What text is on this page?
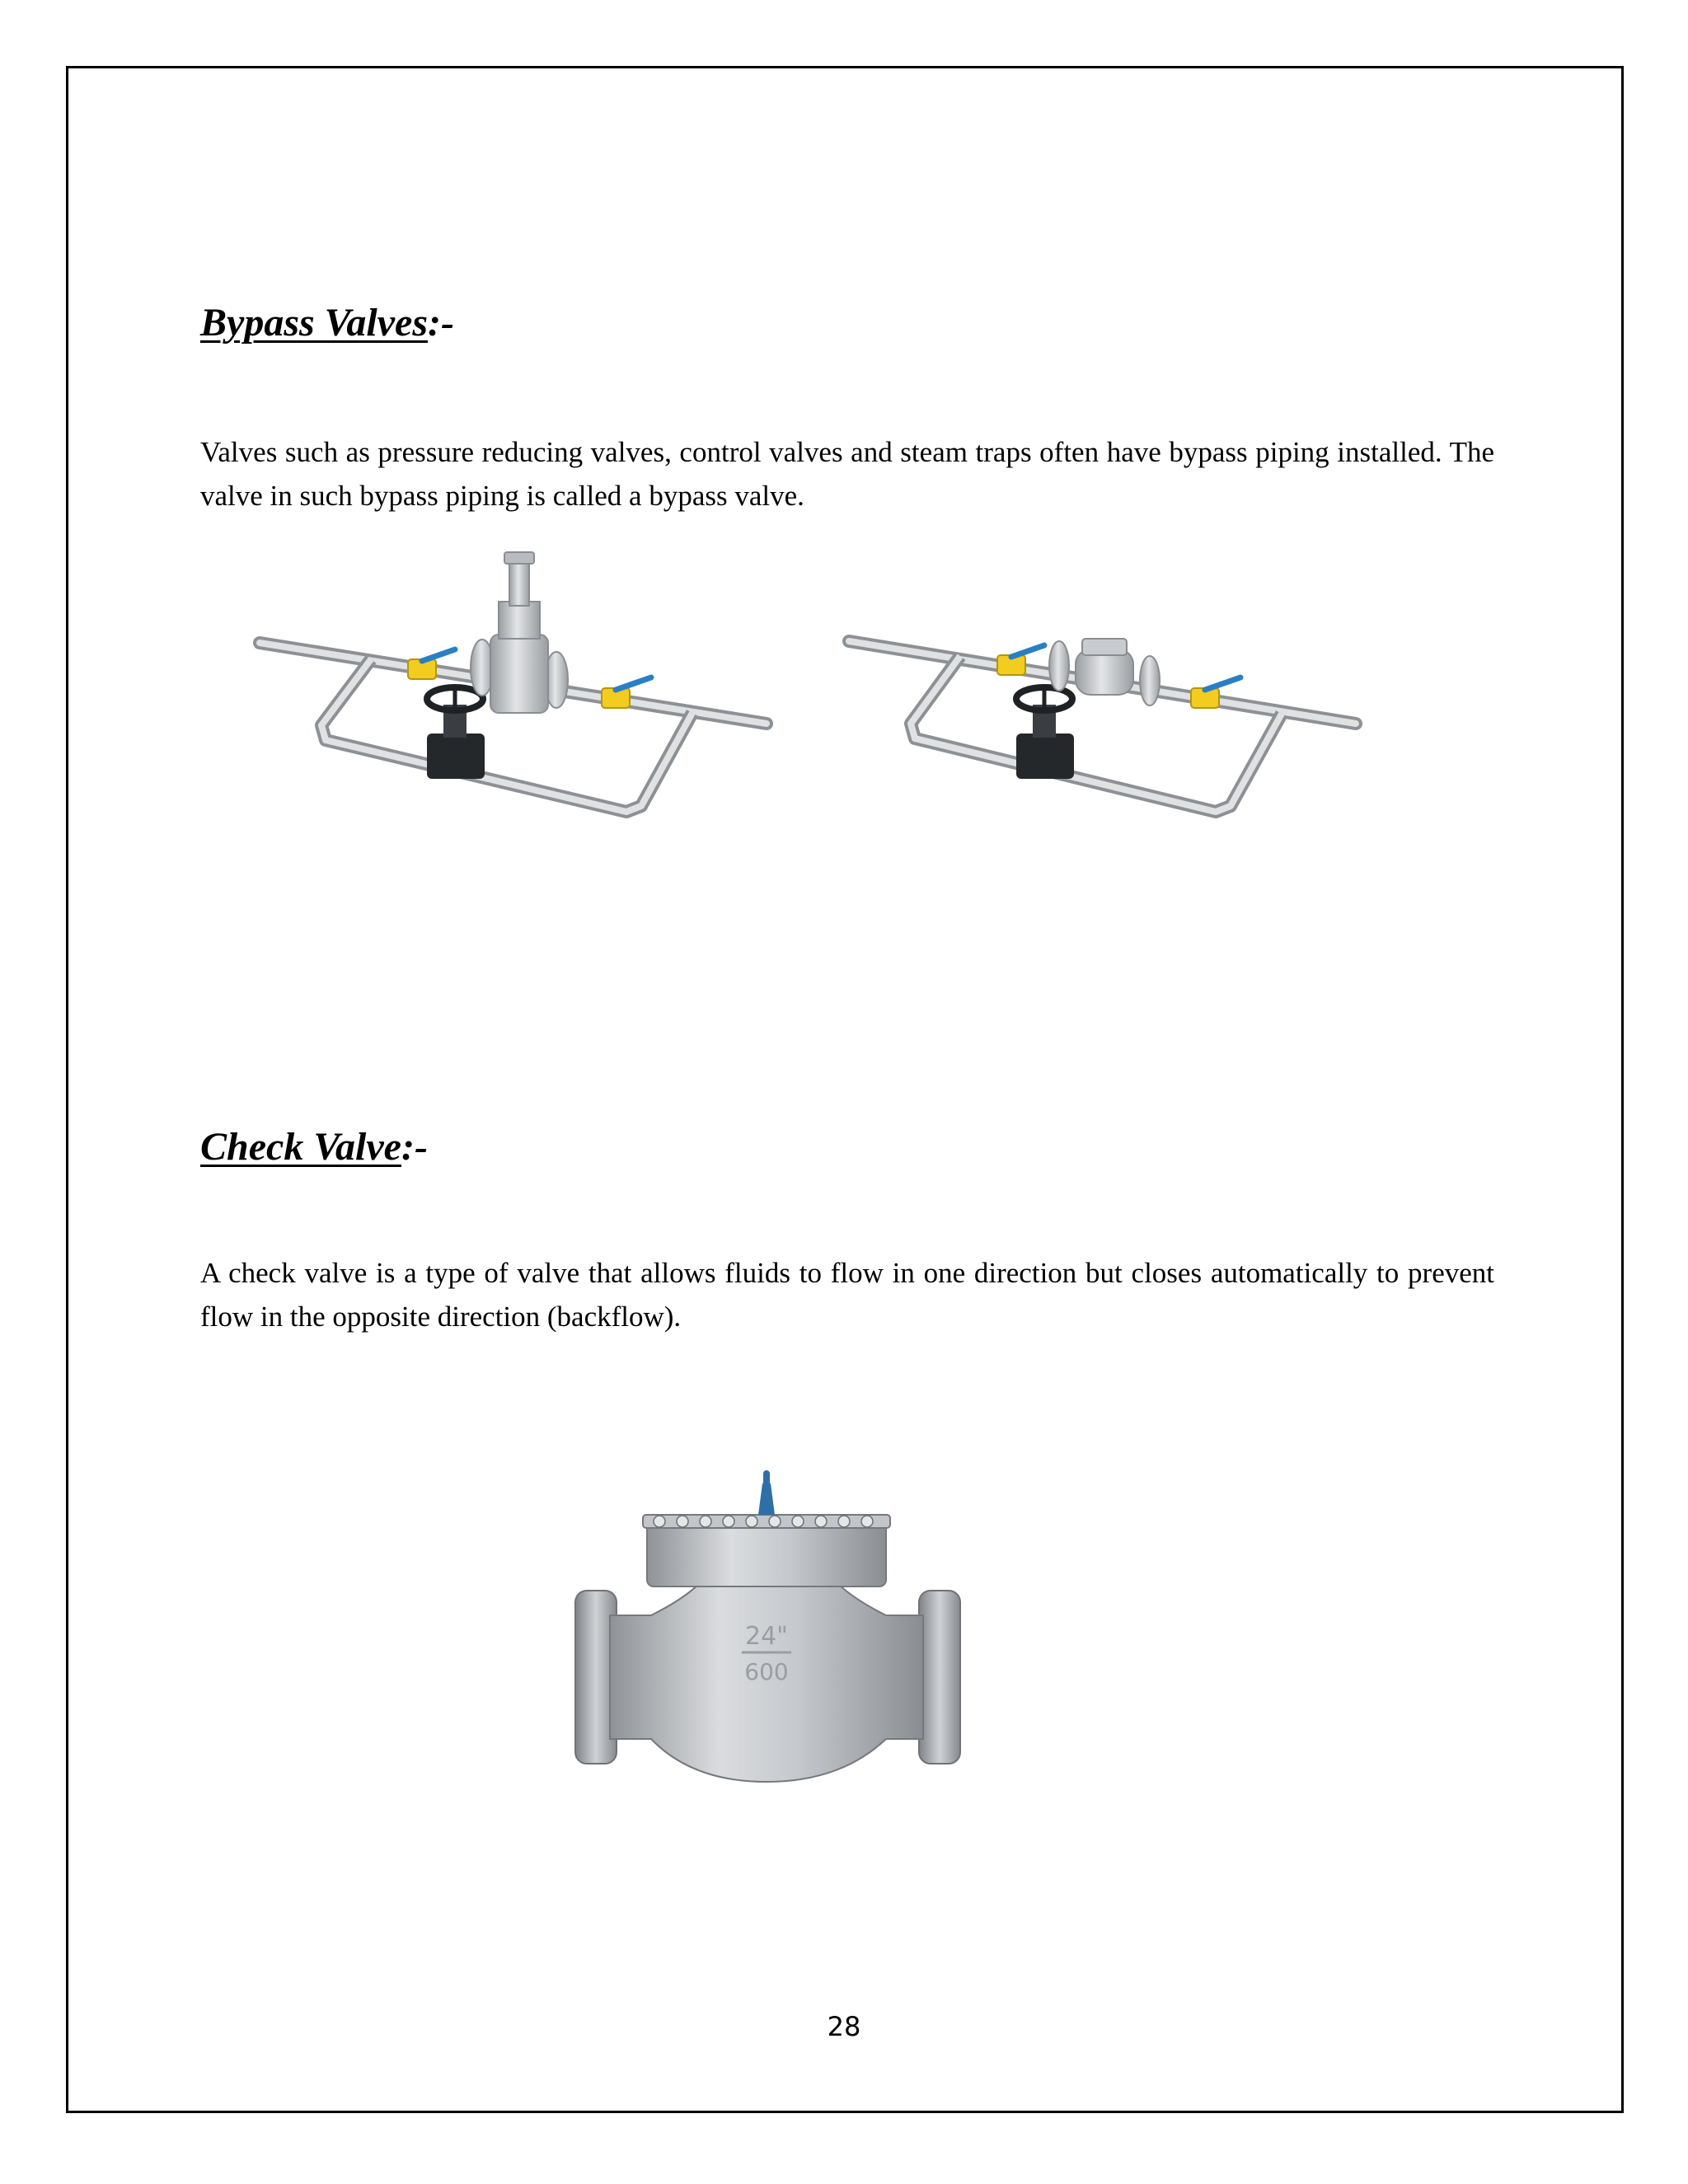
Bypass Valves:-

Valves such as pressure reducing valves, control valves and steam traps often have bypass piping installed. The valve in such bypass piping is called a bypass valve.

Check Valve:-

A check valve is a type of valve that allows fluids to flow in one direction but closes automatically to prevent flow in the opposite direction (backflow).

24"
600
28
